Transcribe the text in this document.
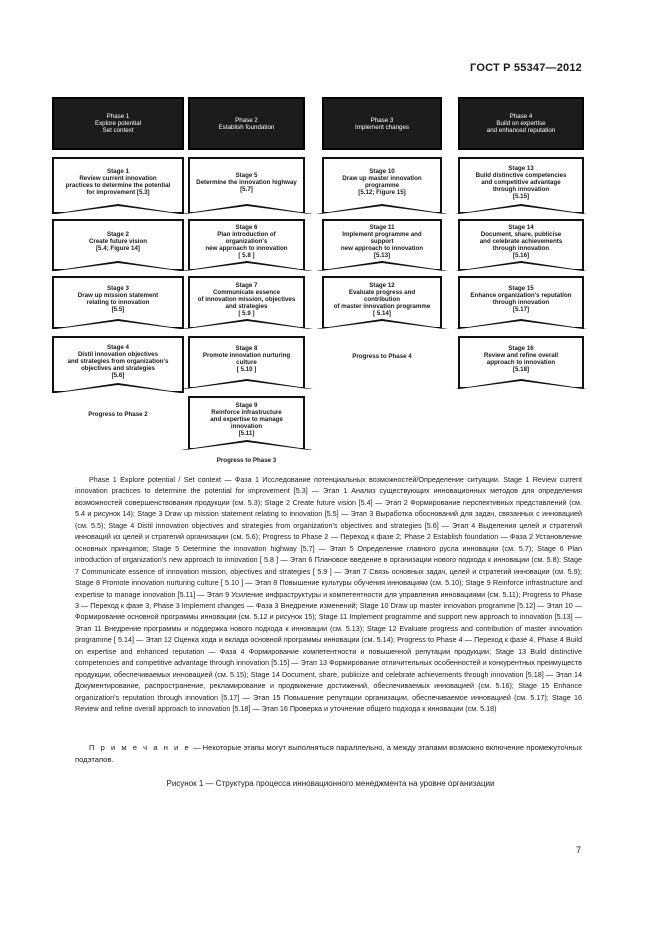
ГОСТ Р 55347—2012
Phase 1
Explore potential
Set context
Phase 2
Establish foundation
Phase 3
Implement changes
Phase 4
Build on expertise
and enhanced reputation
Stage 1
Review current innovation
practices to determine the potential
for improvement [5.3]
Stage 2
Create future vision
[5.4; Figure 14]
Stage 3
Draw up mission statement
relating to innovation
[5.5]
Stage 4
Distil innovation objectives
and strategies from organization's
objectives and strategies
[5.6]
Progress to Phase 2
Stage 5
Determine the innovation highway
[5.7]
Stage 6
Plan introduction of organization's
new approach to innovation
[ 5.8 ]
Stage 7
Communicate essence
of innovation mission, objectives
and strategies
[ 5.9 ]
Stage 8
Promote innovation nurturing culture
[ 5.10 ]
Stage 9
Reinforce infrastructure
and expertise to manage innovation
[5.11]
Progress to Phase 3
Stage 10
Draw up master innovation
programme
[5.12; Figure 15]
Stage 11
Implement programme and support
new approach to innovation
[5.13]
Stage 12
Evaluate progress and contribution
of master innovation programme
[ 5.14]
Progress to Phase 4
Stage 13
Build distinctive competencies
and competitive advantage
through innovation
[5.15]
Stage 14
Document, share, publicise
and celebrate achievements
through innovation
[5.16]
Stage 15
Enhance organization's reputation
through innovation
[5.17]
Stage 16
Review and refine overall
approach to innovation
[5.18]

Phase 1 Explore potential / Set context — Фаза 1 Исследование потенциальных возможностей/Определение ситуации. Stage 1 Review current innovation practices to determine the potential for improvement [5.3] — Этап 1 Анализ существующих инновационных методов для определения возможностей совершенствования продукции (см. 5.3); Stage 2 Create future vision [5.4] — Этап 2 Формирование перспективных представлений (см. 5.4 и рисунок 14); Stage 3 Draw up mission statement relating to innovation [5.5] — Этап 3 Выработка обоснований для задач, связанных с инновацией (см. 5.5); Stage 4 Distil innovation objectives and strategies from organization's objectives and strategies [5.6] — Этап 4 Выделения целей и стратегий инноваций из целей и стратегий организации (см. 5.6); Progress to Phase 2 — Переход к фазе 2; Phase 2 Establish foundation — Фаза 2 Установление основных принципов; Stage 5 Determine the innovation highway [5.7] — Этап 5 Определение главного русла инновации (см. 5.7); Stage 6 Plan introduction of organization's new approach to innovation [ 5.8 ] — Этап 6 Плановое введение в организации нового подхода к инновации (см. 5.8); Stage 7 Communicate essence of innovation mission, objectives and strategies [ 5.9 ] — Этап 7 Связь основных задач, целей и стратегий инновации (см. 5.9); Stage 8 Promote innovation nurturing culture [ 5.10 ] — Этап 8 Повышение культуры обучения инновациям (см. 5.10); Stage 9 Reinforce infrastructure and expertise to manage innovation [5.11] — Этап 9 Усиление инфраструктуры и компетентности для управления инновациями (см. 5.11); Progress to Phase 3 — Переход к фазе 3, Phase 3 Implement changes — Фаза 3 Внедрение изменений; Stage 10 Draw up master innovation programme [5.12] — Этап 10 — Формирование основной программы инновации (см. 5.12 и рисунок 15); Stage 11 Implement programme and support new approach to innovation [5.13] — Этап 11 Внедрение программы и поддержка нового подхода к инновации (см. 5.13); Stage 12 Evaluate progress and contribution of master innovation programme [ 5.14] — Этап 12 Оценка хода и вклада основной программы инновации (см. 5.14); Progress to Phase 4 — Переход к фазе 4, Phase 4 Build on expertise and enhanced reputation — Фаза 4 Формирование компетентности и повышенной репутации продукции; Stage 13 Build distinctive competencies and competitive advantage through innovation [5.15] — Этап 13 Формирование отличительных особенностей и конкурентных преимуществ продукции, обеспечиваемых инновацией (см. 5.15); Stage 14 Document, share, publicize and celebrate achievements through innovation [5.18] — Этап 14 Документирование, распространение, рекламирование и продвижение достижений, обеспечиваемых инновацией (см. 5.16); Stage 15 Enhance organization's reputation through innovation [5.17] — Этап 15 Повышение репутации организации, обеспечиваемое инновацией (см. 5.17); Stage 16 Review and refine overall approach to innovation [5.18] — Этап 16 Проверка и уточнение общего подхода к инновации (см. 5.18)

П р и м е ч а н и е — Некоторые этапы могут выполняться параллельно, а между этапами возможно включение промежуточных подэтапов.
Рисунок 1 — Структура процесса инновационного менеджмента на уровне организации
7
